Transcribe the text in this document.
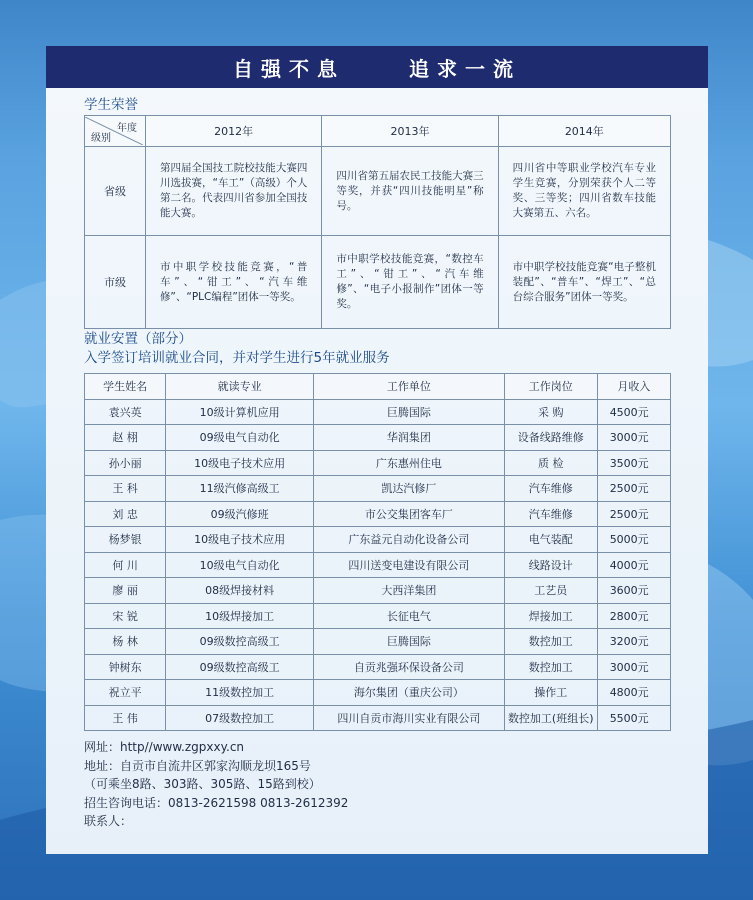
自强不息	追求一流
学生荣誉
年度
级别	2012年	2013年	2014年
省级	第四届全国技工院校技能大赛四川选拔赛，“车工”（高级）个人第二名。代表四川省参加全国技能大赛。	四川省第五届农民工技能大赛三等奖，并获“四川技能明星”称号。	四川省中等职业学校汽车专业学生竞赛，分别荣获个人二等奖、三等奖；四川省数车技能大赛第五、六名。
市级	市中职学校技能竞赛，“普车”、“钳工”、“汽车维修”、“PLC编程”团体一等奖。	市中职学校技能竞赛，“数控车工”、“钳工”、“汽车维修”、“电子小报制作”团体一等奖。	市中职学校技能竞赛“电子整机装配”、“普车”、“焊工”、“总台综合服务”团体一等奖。
就业安置（部分）
入学签订培训就业合同，并对学生进行5年就业服务
学生姓名	就读专业	工作单位	工作岗位	月收入
袁兴英	10级计算机应用	巨腾国际	采 购	4500元
赵 栩	09级电气自动化	华润集团	设备线路维修	3000元
孙小丽	10级电子技术应用	广东惠州住电	质 检	3500元
王 科	11级汽修高级工	凯达汽修厂	汽车维修	2500元
刘 忠	09级汽修班	市公交集团客车厂	汽车维修	2500元
杨梦银	10级电子技术应用	广东益元自动化设备公司	电气装配	5000元
何 川	10级电气自动化	四川送变电建设有限公司	线路设计	4000元
廖 丽	08级焊接材料	大西洋集团	工艺员	3600元
宋 锐	10级焊接加工	长征电气	焊接加工	2800元
杨 林	09级数控高级工	巨腾国际	数控加工	3200元
钟树东	09级数控高级工	自贡兆强环保设备公司	数控加工	3000元
祝立平	11级数控加工	海尔集团（重庆公司）	操作工	4800元
王 伟	07级数控加工	四川自贡市海川实业有限公司	数控加工(班组长)	5500元
网址：http//www.zgpxxy.cn
地址：自贡市自流井区郭家沟顺龙坝165号
（可乘坐8路、303路、305路、15路到校）
招生咨询电话：0813-2621598 0813-2612392
联系人：
